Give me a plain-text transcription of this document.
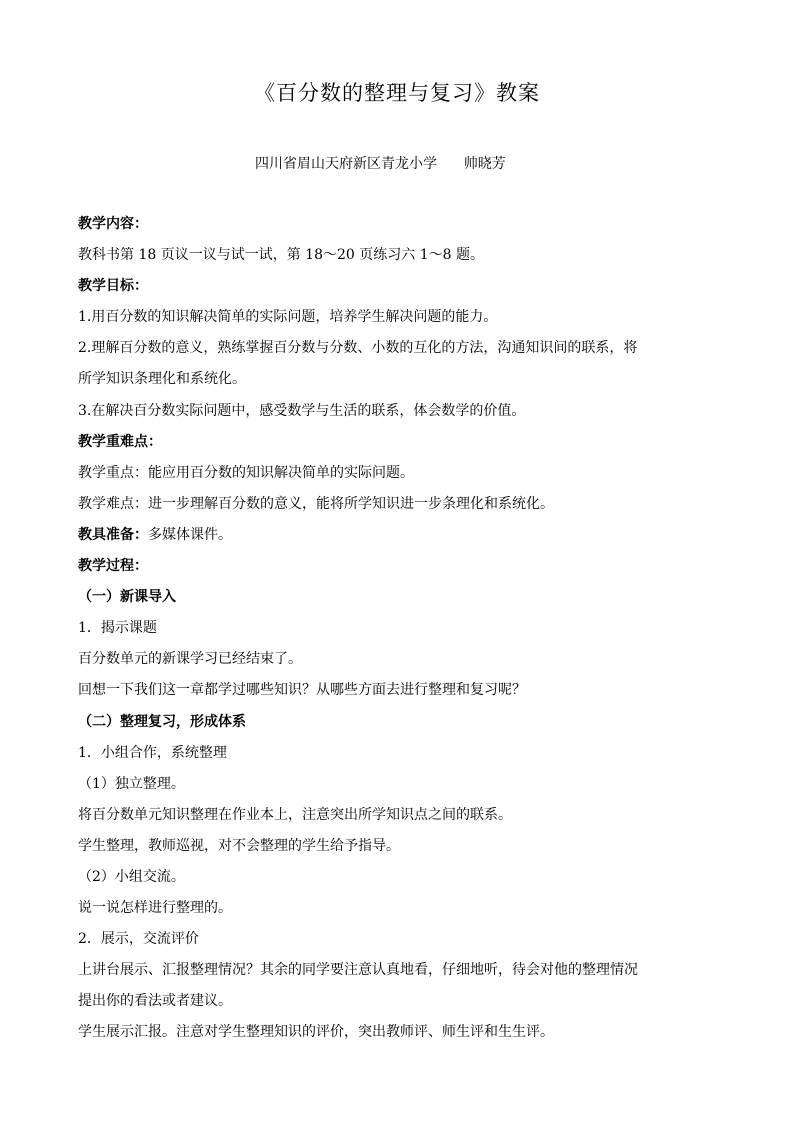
《百分数的整理与复习》教案
四川省眉山天府新区青龙小学      帅晓芳
教学内容：
教科书第 18 页议一议与试一试，第 18～20 页练习六 1～8 题。
教学目标：
1.用百分数的知识解决简单的实际问题，培养学生解决问题的能力。
2.理解百分数的意义，熟练掌握百分数与分数、小数的互化的方法，沟通知识间的联系，将
所学知识条理化和系统化。
3.在解决百分数实际问题中，感受数学与生活的联系，体会数学的价值。
教学重难点：
教学重点：能应用百分数的知识解决简单的实际问题。
教学难点：进一步理解百分数的意义，能将所学知识进一步条理化和系统化。
教具准备：多媒体课件。
教学过程：
（一）新课导入
1．揭示课题
百分数单元的新课学习已经结束了。
回想一下我们这一章都学过哪些知识？从哪些方面去进行整理和复习呢？
（二）整理复习，形成体系
1．小组合作，系统整理
（1）独立整理。
将百分数单元知识整理在作业本上，注意突出所学知识点之间的联系。
学生整理，教师巡视，对不会整理的学生给予指导。
（2）小组交流。
说一说怎样进行整理的。
2．展示，交流评价
上讲台展示、汇报整理情况？其余的同学要注意认真地看，仔细地听，待会对他的整理情况
提出你的看法或者建议。
学生展示汇报。注意对学生整理知识的评价，突出教师评、师生评和生生评。
